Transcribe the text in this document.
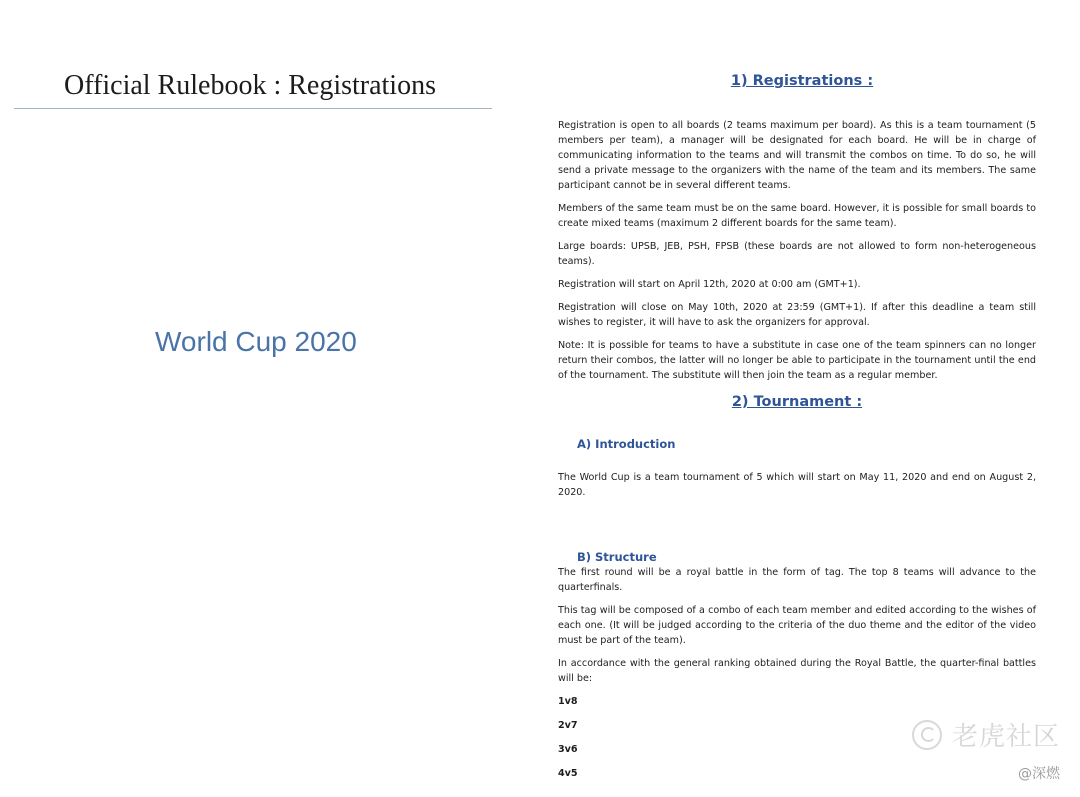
Official Rulebook : Registrations
World Cup 2020

1) Registrations :

Registration is open to all boards (2 teams maximum per board). As this is a team tournament (5 members per team), a manager will be designated for each board. He will be in charge of communicating information to the teams and will transmit the combos on time. To do so, he will send a private message to the organizers with the name of the team and its members. The same participant cannot be in several different teams.

Members of the same team must be on the same board. However, it is possible for small boards to create mixed teams (maximum 2 different boards for the same team).

Large boards: UPSB, JEB, PSH, FPSB (these boards are not allowed to form non-heterogeneous teams).

Registration will start on April 12th, 2020 at 0:00 am (GMT+1).

Registration will close on May 10th, 2020 at 23:59 (GMT+1). If after this deadline a team still wishes to register, it will have to ask the organizers for approval.

Note: It is possible for teams to have a substitute in case one of the team spinners can no longer return their combos, the latter will no longer be able to participate in the tournament until the end of the tournament. The substitute will then join the team as a regular member.

2) Tournament :

A) Introduction

The World Cup is a team tournament of 5 which will start on May 11, 2020 and end on August 2, 2020.

B) Structure

The first round will be a royal battle in the form of tag. The top 8 teams will advance to the quarterfinals.

This tag will be composed of a combo of each team member and edited according to the wishes of each one. (It will be judged according to the criteria of the duo theme and the editor of the video must be part of the team).

In accordance with the general ranking obtained during the Royal Battle, the quarter-final battles will be:

1v8

2v7

3v6

4v5

老虎社区
@深燃
